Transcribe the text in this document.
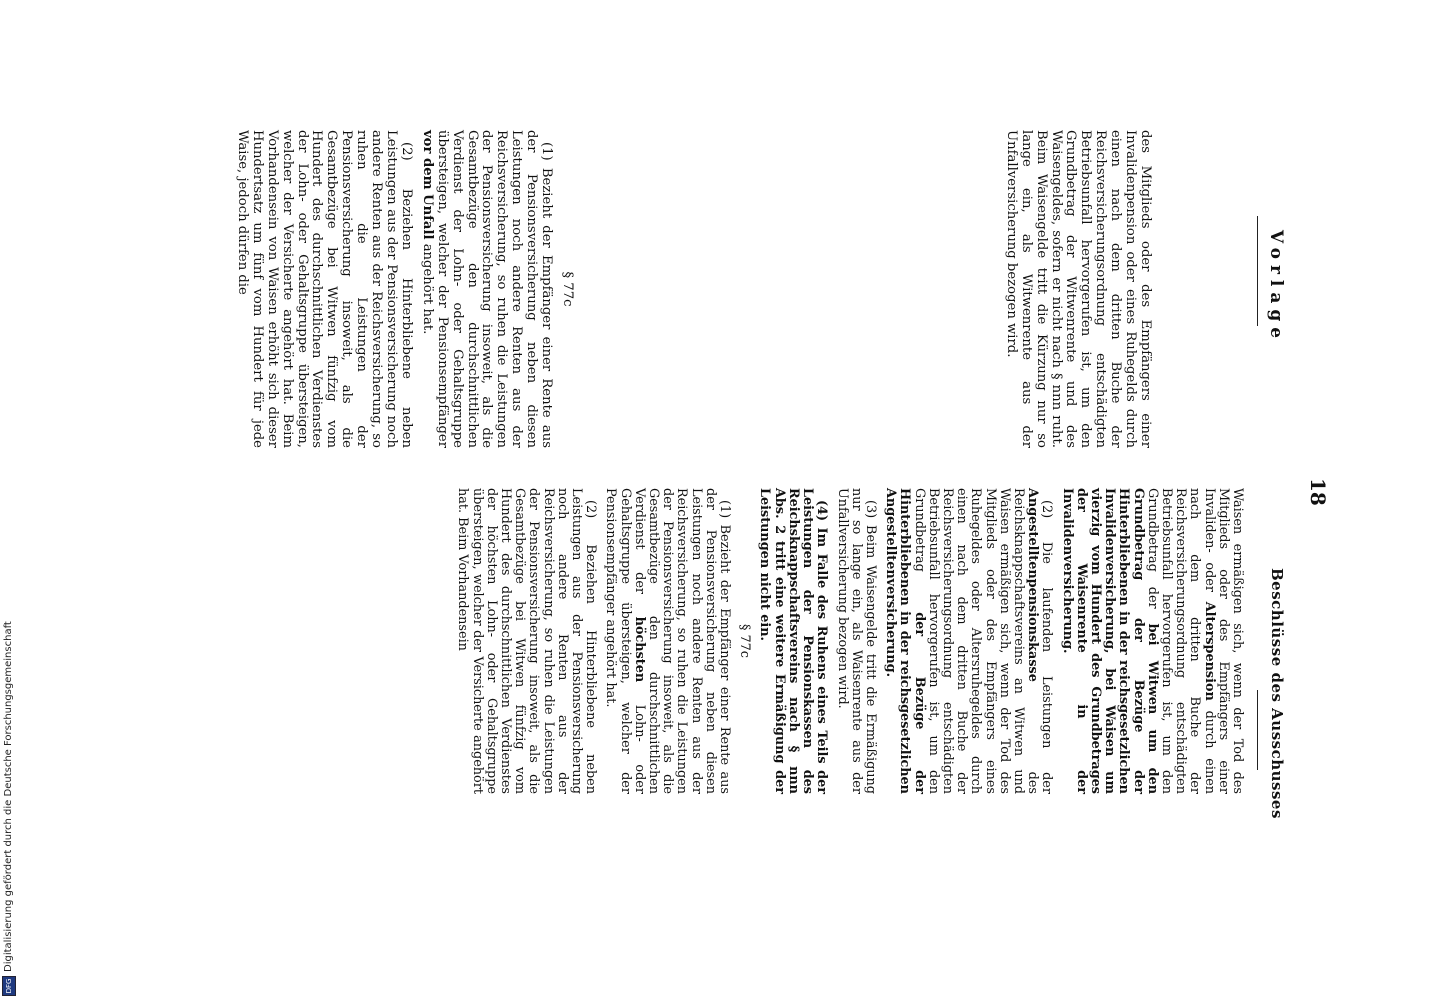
Vorlage
18
Beschlüsse des Ausschusses

des Mitglieds oder des Empfängers einer Invalidenpension oder eines Ruhegelds durch einen nach dem dritten Buche der Reichsversicherungsordnung entschädigten Betriebsunfall hervorgerufen ist, um den Grundbetrag der Witwenrente und des Waisengeldes, sofern er nicht nach § nnn ruht. Beim Waisengelde tritt die Kürzung nur so lange ein, als Witwenrente aus der Unfallversicherung bezogen wird.

§ 77c

(1) Bezieht der Empfänger einer Rente aus der Pensionsversicherung neben diesen Leistungen noch andere Renten aus der Reichsversicherung, so ruhen die Leistungen der Pensionsversicherung insoweit, als die Gesamtbezüge den durchschnittlichen Verdienst der Lohn- oder Gehaltsgruppe übersteigen, welcher der Pensionsempfänger vor dem Unfall angehört hat.

(2) Beziehen Hinterbliebene neben Leistungen aus der Pensionsversicherung noch andere Renten aus der Reichsversicherung, so ruhen die Leistungen der Pensionsversicherung insoweit, als die Gesamtbezüge bei Witwen fünfzig vom Hundert des durchschnittlichen Verdienstes der Lohn- oder Gehaltsgruppe übersteigen, welcher der Versicherte angehört hat. Beim Vorhandensein von Waisen erhöht sich dieser Hundertsatz um fünf vom Hundert für jede Waise, jedoch dürfen die

Waisen ermäßigen sich, wenn der Tod des Mitglieds oder des Empfängers einer Invaliden- oder Alterspension durch einen nach dem dritten Buche der Reichsversicherungsordnung entschädigten Betriebsunfall hervorgerufen ist, um den Grundbetrag der bei Witwen um den Grundbetrag der Bezüge der Hinterbliebenen in der reichsgesetzlichen Invalidenversicherung, bei Waisen um vierzig vom Hundert des Grundbetrages der Waisenrente in der Invalidenversicherung.

(2) Die laufenden Leistungen der Angestelltenpensionskasse des Reichsknappschaftsvereins an Witwen und Waisen ermäßigen sich, wenn der Tod des Mitglieds oder des Empfängers eines Ruhegeldes oder Altersruhegeldes durch einen nach dem dritten Buche der Reichsversicherungsordnung entschädigten Betriebsunfall hervorgerufen ist, um den Grundbetrag der Bezüge der Hinterbliebenen in der reichsgesetzlichen Angestelltenversicherung.

(3) Beim Waisengelde tritt die Ermäßigung nur so lange ein, als Waisenrente aus der Unfallversicherung bezogen wird.

(4) Im Falle des Ruhens eines Teils der Leistungen der Pensionskassen des Reichsknappschaftsvereins nach § nnn Abs. 2 tritt eine weitere Ermäßigung der Leistungen nicht ein.

§ 77c

(1) Bezieht der Empfänger einer Rente aus der Pensionsversicherung neben diesen Leistungen noch andere Renten aus der Reichsversicherung, so ruhen die Leistungen der Pensionsversicherung insoweit, als die Gesamtbezüge den durchschnittlichen Verdienst der höchsten Lohn- oder Gehaltsgruppe übersteigen, welcher der Pensionsempfänger angehört hat.

(2) Beziehen Hinterbliebene neben Leistungen aus der Pensionsversicherung noch andere Renten aus der Reichsversicherung, so ruhen die Leistungen der Pensionsversicherung insoweit, als die Gesamtbezüge bei Witwen fünfzig vom Hundert des durchschnittlichen Verdienstes der höchsten Lohn- oder Gehaltsgruppe übersteigen, welcher der Versicherte angehört hat. Beim Vorhandensein

DFG
Digitalisierung gefördert durch die Deutsche Forschungsgemeinschaft
